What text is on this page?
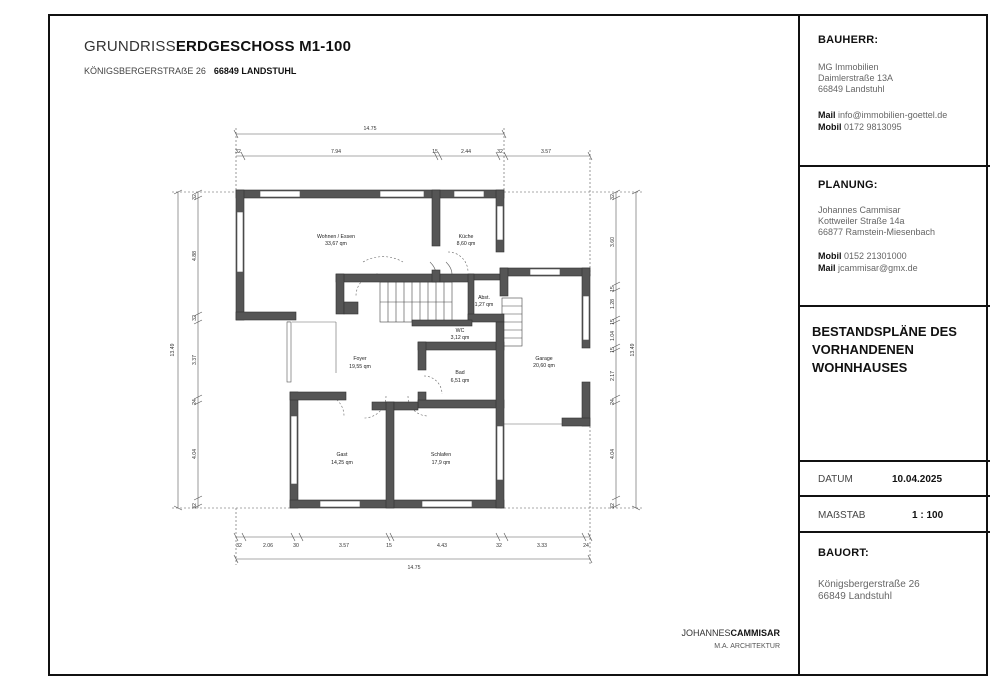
GRUNDRISSERDGESCHOSS M1-100
KÖNIGSBERGERSTRAẞE 26 66849 LANDSTUHL
Wohnen / Essen
33,67 qm
Küche
8,60 qm
Abst.
1,27 qm
WC
3,12 qm
Foyer
19,55 qm
Bad
6,51 qm
Garage
20,60 qm
Gast
14,25 qm
Schlafen
17,9 qm
14.75
32	7.94	15	2.44	32	3.57
32	2.06	30	3.57	15	4.43	32	3.33	24
14.75
13.49
32
4.88
32
3.37
24
4.04
32
32
3.60
15
1.28
15
1.04
15
2.17
24
4.04
32
13.49
JOHANNESCAMMISAR
M.A. ARCHITEKTUR
BAUHERR:
MG Immobilien
Daimlerstraße 13A
66849 Landstuhl
Mail info@immobilien-goettel.de
Mobil 0172 9813095
PLANUNG:
Johannes Cammisar
Kottweiler Straße 14a
66877 Ramstein-Miesenbach
Mobil 0152 21301000
Mail jcammisar@gmx.de
BESTANDSPLÄNE DES
VORHANDENEN
WOHNHAUSES
DATUM	10.04.2025
MAẞSTAB	1 : 100
BAUORT:
Königsbergerstraße 26
66849 Landstuhl
